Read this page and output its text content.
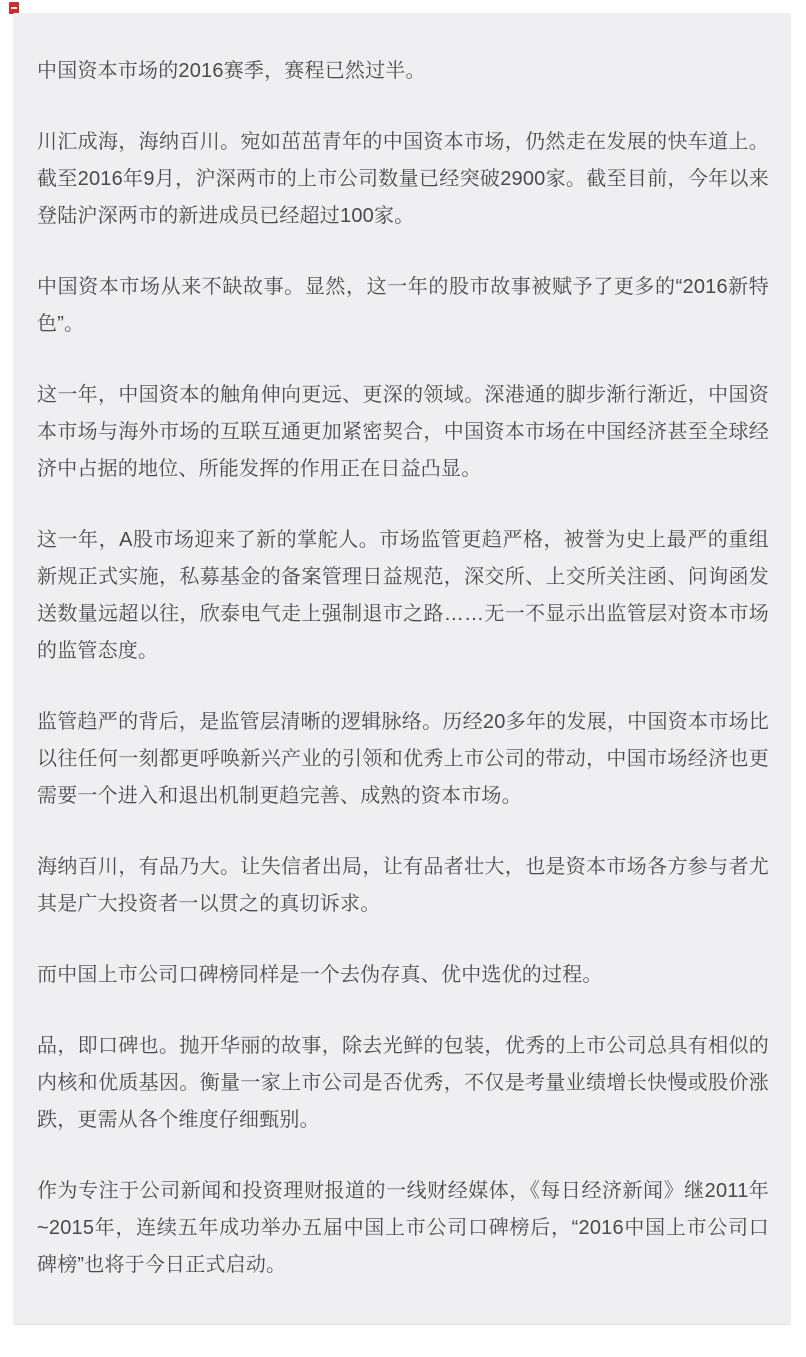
中国资本市场的2016赛季，赛程已然过半。

川汇成海，海纳百川。宛如茁茁青年的中国资本市场，仍然走在发展的快车道上。截至2016年9月，沪深两市的上市公司数量已经突破2900家。截至目前，今年以来登陆沪深两市的新进成员已经超过100家。

中国资本市场从来不缺故事。显然，这一年的股市故事被赋予了更多的“2016新特色”。

这一年，中国资本的触角伸向更远、更深的领域。深港通的脚步渐行渐近，中国资本市场与海外市场的互联互通更加紧密契合，中国资本市场在中国经济甚至全球经济中占据的地位、所能发挥的作用正在日益凸显。

这一年，A股市场迎来了新的掌舵人。市场监管更趋严格，被誉为史上最严的重组新规正式实施，私募基金的备案管理日益规范，深交所、上交所关注函、问询函发送数量远超以往，欣泰电气走上强制退市之路……无一不显示出监管层对资本市场的监管态度。

监管趋严的背后，是监管层清晰的逻辑脉络。历经20多年的发展，中国资本市场比以往任何一刻都更呼唤新兴产业的引领和优秀上市公司的带动，中国市场经济也更需要一个进入和退出机制更趋完善、成熟的资本市场。

海纳百川，有品乃大。让失信者出局，让有品者壮大，也是资本市场各方参与者尤其是广大投资者一以贯之的真切诉求。

而中国上市公司口碑榜同样是一个去伪存真、优中选优的过程。

品，即口碑也。抛开华丽的故事，除去光鲜的包装，优秀的上市公司总具有相似的内核和优质基因。衡量一家上市公司是否优秀，不仅是考量业绩增长快慢或股价涨跌，更需从各个维度仔细甄别。

作为专注于公司新闻和投资理财报道的一线财经媒体，《每日经济新闻》继2011年~2015年，连续五年成功举办五届中国上市公司口碑榜后，“2016中国上市公司口碑榜”也将于今日正式启动。
